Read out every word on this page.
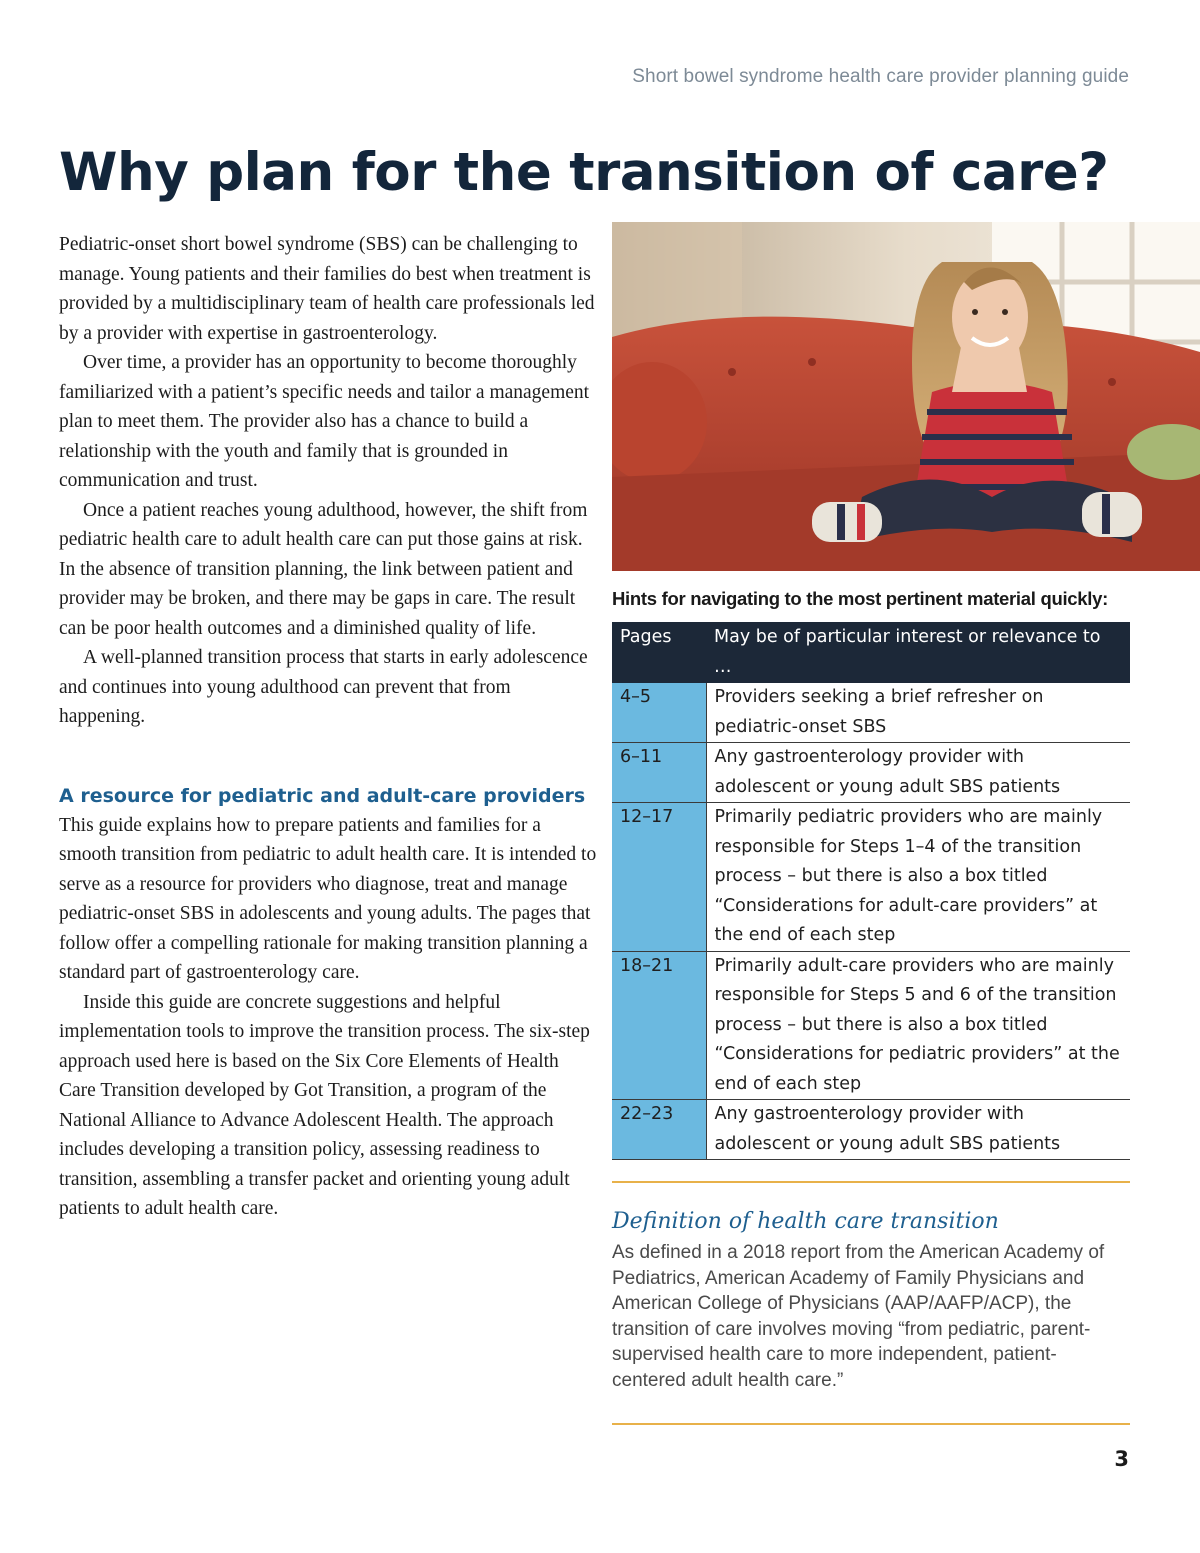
Short bowel syndrome health care provider planning guide
Why plan for the transition of care?

Pediatric-onset short bowel syndrome (SBS) can be challenging to manage. Young patients and their families do best when treatment is provided by a multidisciplinary team of health care professionals led by a provider with expertise in gastroenterology.

Over time, a provider has an opportunity to become thoroughly familiarized with a patient’s specific needs and tailor a management plan to meet them. The provider also has a chance to build a relationship with the youth and family that is grounded in communication and trust.

Once a patient reaches young adulthood, however, the shift from pediatric health care to adult health care can put those gains at risk. In the absence of transition planning, the link between patient and provider may be broken, and there may be gaps in care. The result can be poor health outcomes and a diminished quality of life.

A well-planned transition process that starts in early adolescence and continues into young adulthood can prevent that from happening.

A resource for pediatric and adult-care providers

This guide explains how to prepare patients and families for a smooth transition from pediatric to adult health care. It is intended to serve as a resource for providers who diagnose, treat and manage pediatric-onset SBS in adolescents and young adults. The pages that follow offer a compelling rationale for making transition planning a standard part of gastroenterology care.

Inside this guide are concrete suggestions and helpful implementation tools to improve the transition process. The six-step approach used here is based on the Six Core Elements of Health Care Transition developed by Got Transition, a program of the National Alliance to Advance Adolescent Health. The approach includes developing a transition policy, assessing readiness to transition, assembling a transfer packet and orienting young adult patients to adult health care.

Hints for navigating to the most pertinent material quickly:
Pages	May be of particular interest or relevance to …
4–5	Providers seeking a brief refresher on pediatric-onset SBS
6–11	Any gastroenterology provider with adolescent or young adult SBS patients
12–17	Primarily pediatric providers who are mainly responsible for Steps 1–4 of the transition process – but there is also a box titled “Considerations for adult-care providers” at the end of each step
18–21	Primarily adult-care providers who are mainly responsible for Steps 5 and 6 of the transition process – but there is also a box titled “Considerations for pediatric providers” at the end of each step
22–23	Any gastroenterology provider with adolescent or young adult SBS patients
Definition of health care transition
As defined in a 2018 report from the American Academy of Pediatrics, American Academy of Family Physicians and American College of Physicians (AAP/AAFP/ACP), the transition of care involves moving “from pediatric, parent-supervised health care to more independent, patient-centered adult health care.”
3
